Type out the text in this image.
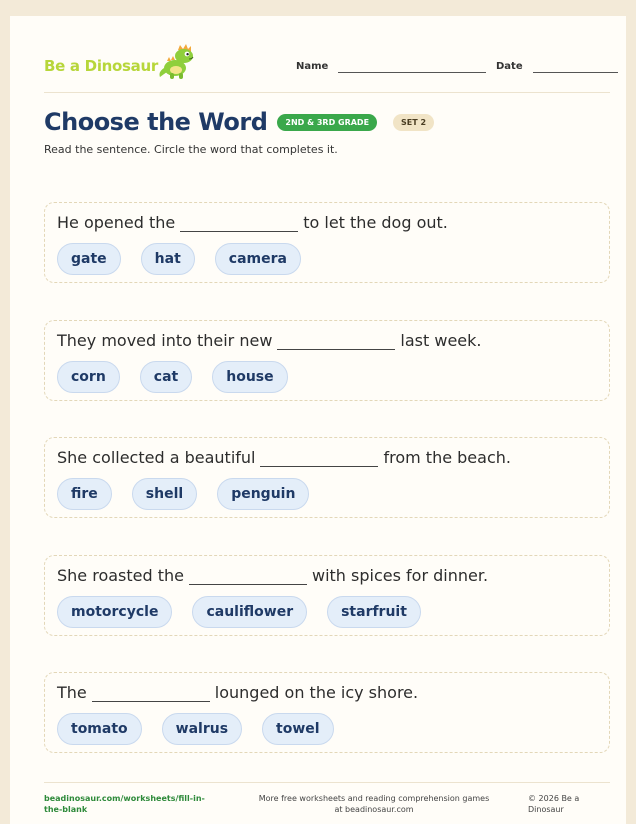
Be a Dinosaur	Name	Date
Choose the Word	2ND & 3RD GRADE	SET 2
Read the sentence. Circle the word that completes it.
He opened the	to let the dog out.
gate	hat	camera
They moved into their new	last week.
corn	cat	house
She collected a beautiful	from the beach.
fire	shell	penguin
She roasted the	with spices for dinner.
motorcycle	cauliflower	starfruit
The	lounged on the icy shore.
tomato	walrus	towel
beadinosaur.com/worksheets/fill-in-the-blank
More free worksheets and reading comprehension games at beadinosaur.com
© 2026 Be a Dinosaur
